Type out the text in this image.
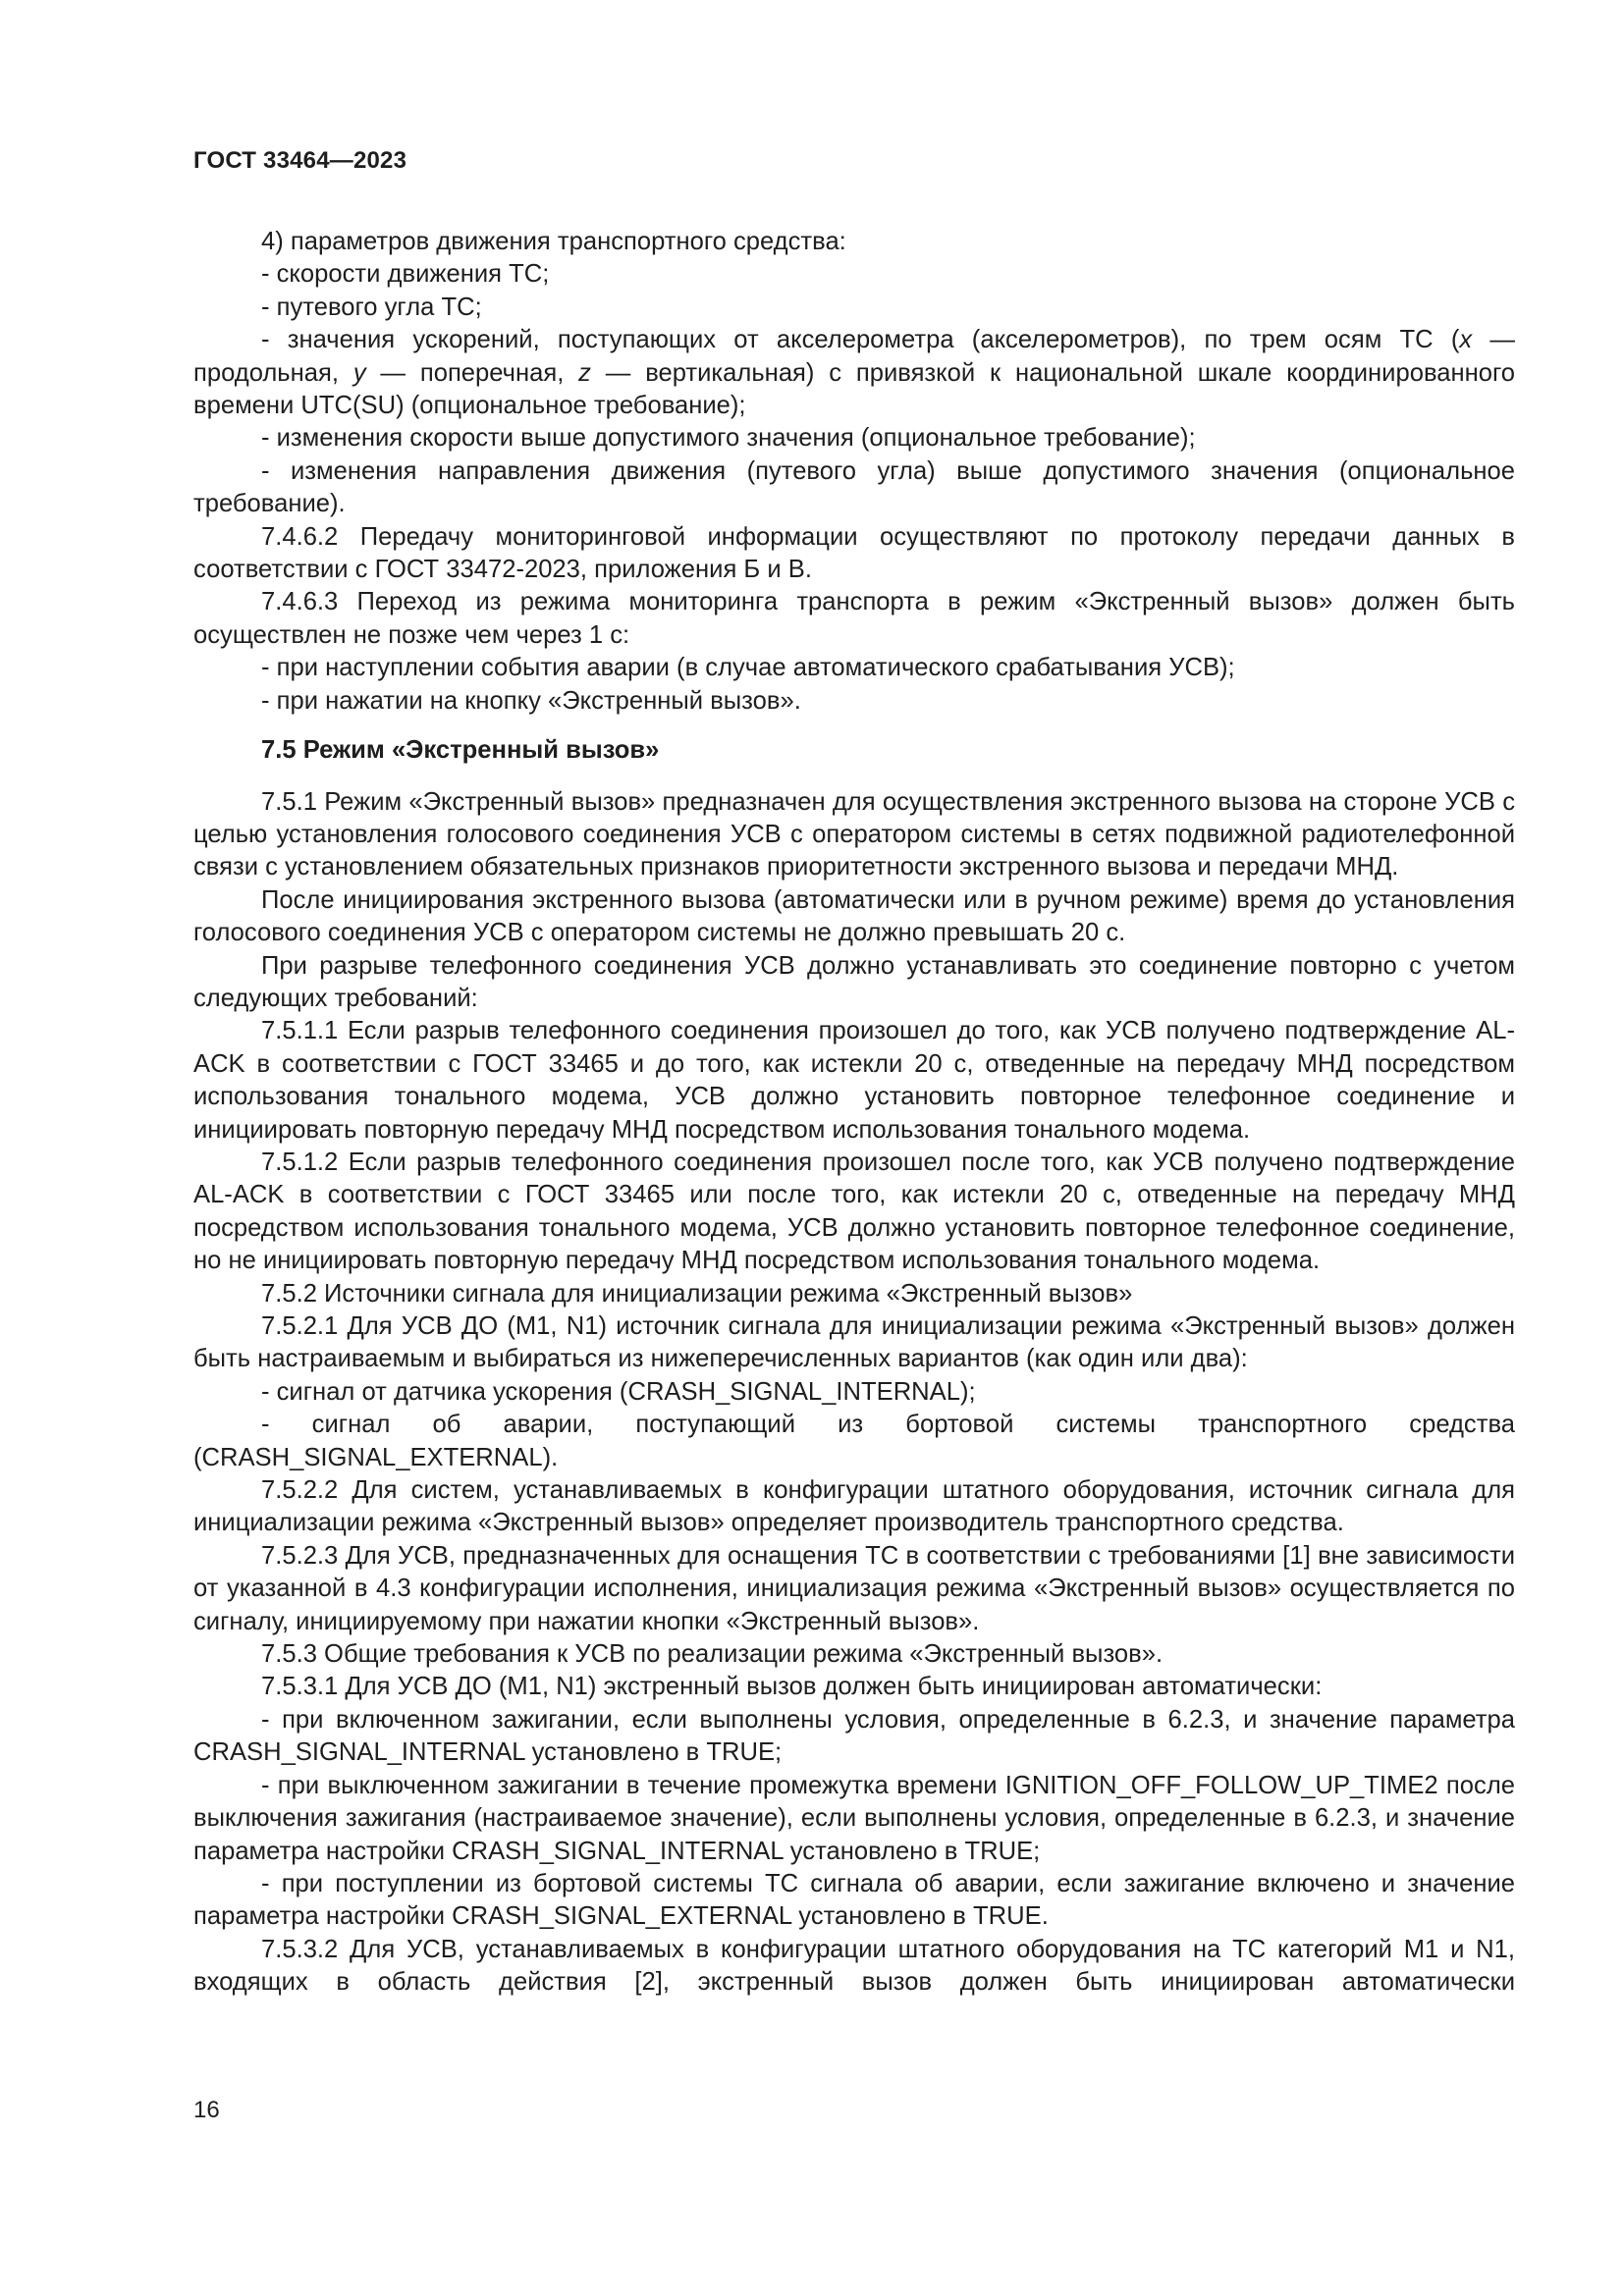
ГОСТ 33464—2023

4) параметров движения транспортного средства:

- скорости движения ТС;

- путевого угла ТС;

- значения ускорений, поступающих от акселерометра (акселерометров), по трем осям ТС (x — продольная, y — поперечная, z — вертикальная) с привязкой к национальной шкале координированного времени UTC(SU) (опциональное требование);

- изменения скорости выше допустимого значения (опциональное требование);

- изменения направления движения (путевого угла) выше допустимого значения (опциональное требование).

7.4.6.2 Передачу мониторинговой информации осуществляют по протоколу передачи данных в соответствии с ГОСТ 33472-2023, приложения Б и В.

7.4.6.3 Переход из режима мониторинга транспорта в режим «Экстренный вызов» должен быть осуществлен не позже чем через 1 с:

- при наступлении события аварии (в случае автоматического срабатывания УСВ);

- при нажатии на кнопку «Экстренный вызов».

7.5 Режим «Экстренный вызов»

7.5.1 Режим «Экстренный вызов» предназначен для осуществления экстренного вызова на стороне УСВ с целью установления голосового соединения УСВ с оператором системы в сетях подвижной радиотелефонной связи с установлением обязательных признаков приоритетности экстренного вызова и передачи МНД.

После инициирования экстренного вызова (автоматически или в ручном режиме) время до установления голосового соединения УСВ с оператором системы не должно превышать 20 с.

При разрыве телефонного соединения УСВ должно устанавливать это соединение повторно с учетом следующих требований:

7.5.1.1 Если разрыв телефонного соединения произошел до того, как УСВ получено подтверждение AL-ACK в соответствии с ГОСТ 33465 и до того, как истекли 20 с, отведенные на передачу МНД посредством использования тонального модема, УСВ должно установить повторное телефонное соединение и инициировать повторную передачу МНД посредством использования тонального модема.

7.5.1.2 Если разрыв телефонного соединения произошел после того, как УСВ получено подтверждение AL-ACK в соответствии с ГОСТ 33465 или после того, как истекли 20 с, отведенные на передачу МНД посредством использования тонального модема, УСВ должно установить повторное телефонное соединение, но не инициировать повторную передачу МНД посредством использования тонального модема.

7.5.2 Источники сигнала для инициализации режима «Экстренный вызов»

7.5.2.1 Для УСВ ДО (М1, N1) источник сигнала для инициализации режима «Экстренный вызов» должен быть настраиваемым и выбираться из нижеперечисленных вариантов (как один или два):

- сигнал от датчика ускорения (CRASH_SIGNAL_INTERNAL);

- сигнал об аварии, поступающий из бортовой системы транспортного средства (CRASH_SIGNAL_EXTERNAL).

7.5.2.2 Для систем, устанавливаемых в конфигурации штатного оборудования, источник сигнала для инициализации режима «Экстренный вызов» определяет производитель транспортного средства.

7.5.2.3 Для УСВ, предназначенных для оснащения ТС в соответствии с требованиями [1] вне зависимости от указанной в 4.3 конфигурации исполнения, инициализация режима «Экстренный вызов» осуществляется по сигналу, инициируемому при нажатии кнопки «Экстренный вызов».

7.5.3 Общие требования к УСВ по реализации режима «Экстренный вызов».

7.5.3.1 Для УСВ ДО (М1, N1) экстренный вызов должен быть инициирован автоматически:

- при включенном зажигании, если выполнены условия, определенные в 6.2.3, и значение параметра CRASH_SIGNAL_INTERNAL установлено в TRUE;

- при выключенном зажигании в течение промежутка времени IGNITION_OFF_FOLLOW_UP_TIME2 после выключения зажигания (настраиваемое значение), если выполнены условия, определенные в 6.2.3, и значение параметра настройки CRASH_SIGNAL_INTERNAL установлено в TRUE;

- при поступлении из бортовой системы ТС сигнала об аварии, если зажигание включено и значение параметра настройки CRASH_SIGNAL_EXTERNAL установлено в TRUE.

7.5.3.2 Для УСВ, устанавливаемых в конфигурации штатного оборудования на ТС категорий М1 и N1, входящих в область действия [2], экстренный вызов должен быть инициирован автоматически

16
